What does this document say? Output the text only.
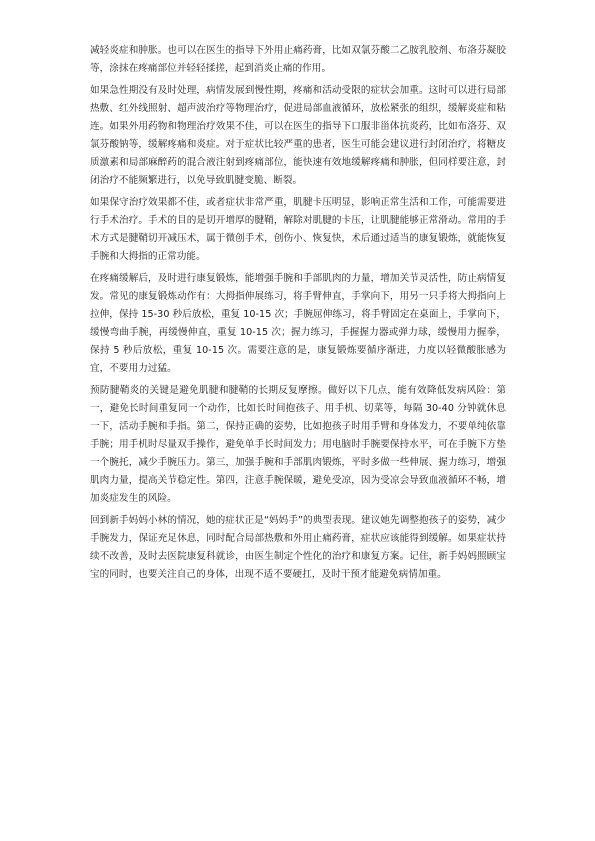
减轻炎症和肿胀。也可以在医生的指导下外用止痛药膏，比如双氯芬酸二乙胺乳胶剂、布洛芬凝胶等，涂抹在疼痛部位并轻轻揉搓，起到消炎止痛的作用。

如果急性期没有及时处理，病情发展到慢性期，疼痛和活动受限的症状会加重。这时可以进行局部热敷、红外线照射、超声波治疗等物理治疗，促进局部血液循环，放松紧张的组织，缓解炎症和粘连。如果外用药物和物理治疗效果不佳，可以在医生的指导下口服非甾体抗炎药，比如布洛芬、双氯芬酸钠等，缓解疼痛和炎症。对于症状比较严重的患者，医生可能会建议进行封闭治疗，将糖皮质激素和局部麻醉药的混合液注射到疼痛部位，能快速有效地缓解疼痛和肿胀，但同样要注意，封闭治疗不能频繁进行，以免导致肌腱变脆、断裂。

如果保守治疗效果都不佳，或者症状非常严重，肌腱卡压明显，影响正常生活和工作，可能需要进行手术治疗。手术的目的是切开增厚的腱鞘，解除对肌腱的卡压，让肌腱能够正常滑动。常用的手术方式是腱鞘切开减压术，属于微创手术，创伤小、恢复快，术后通过适当的康复锻炼，就能恢复手腕和大拇指的正常功能。

在疼痛缓解后，及时进行康复锻炼，能增强手腕和手部肌肉的力量，增加关节灵活性，防止病情复发。常见的康复锻炼动作有：大拇指伸展练习，将手臂伸直，手掌向下，用另一只手将大拇指向上拉伸，保持 15-30 秒后放松，重复 10-15 次；手腕屈伸练习，将手臂固定在桌面上，手掌向下，缓慢弯曲手腕，再缓慢伸直，重复 10-15 次；握力练习，手握握力器或弹力球，缓慢用力握拳，保持 5 秒后放松，重复 10-15 次。需要注意的是，康复锻炼要循序渐进，力度以轻微酸胀感为宜，不要用力过猛。

预防腱鞘炎的关键是避免肌腱和腱鞘的长期反复摩擦。做好以下几点，能有效降低发病风险：第一，避免长时间重复同一个动作，比如长时间抱孩子、用手机、切菜等，每隔 30-40 分钟就休息一下，活动手腕和手指。第二，保持正确的姿势，比如抱孩子时用手臂和身体发力，不要单纯依靠手腕；用手机时尽量双手操作，避免单手长时间发力；用电脑时手腕要保持水平，可在手腕下方垫一个腕托，减少手腕压力。第三，加强手腕和手部肌肉锻炼，平时多做一些伸展、握力练习，增强肌肉力量，提高关节稳定性。第四，注意手腕保暖，避免受凉，因为受凉会导致血液循环不畅，增加炎症发生的风险。

回到新手妈妈小林的情况，她的症状正是“妈妈手”的典型表现。建议她先调整抱孩子的姿势，减少手腕发力，保证充足休息，同时配合局部热敷和外用止痛药膏，症状应该能得到缓解。如果症状持续不改善，及时去医院康复科就诊，由医生制定个性化的治疗和康复方案。记住，新手妈妈照顾宝宝的同时，也要关注自己的身体，出现不适不要硬扛，及时干预才能避免病情加重。
